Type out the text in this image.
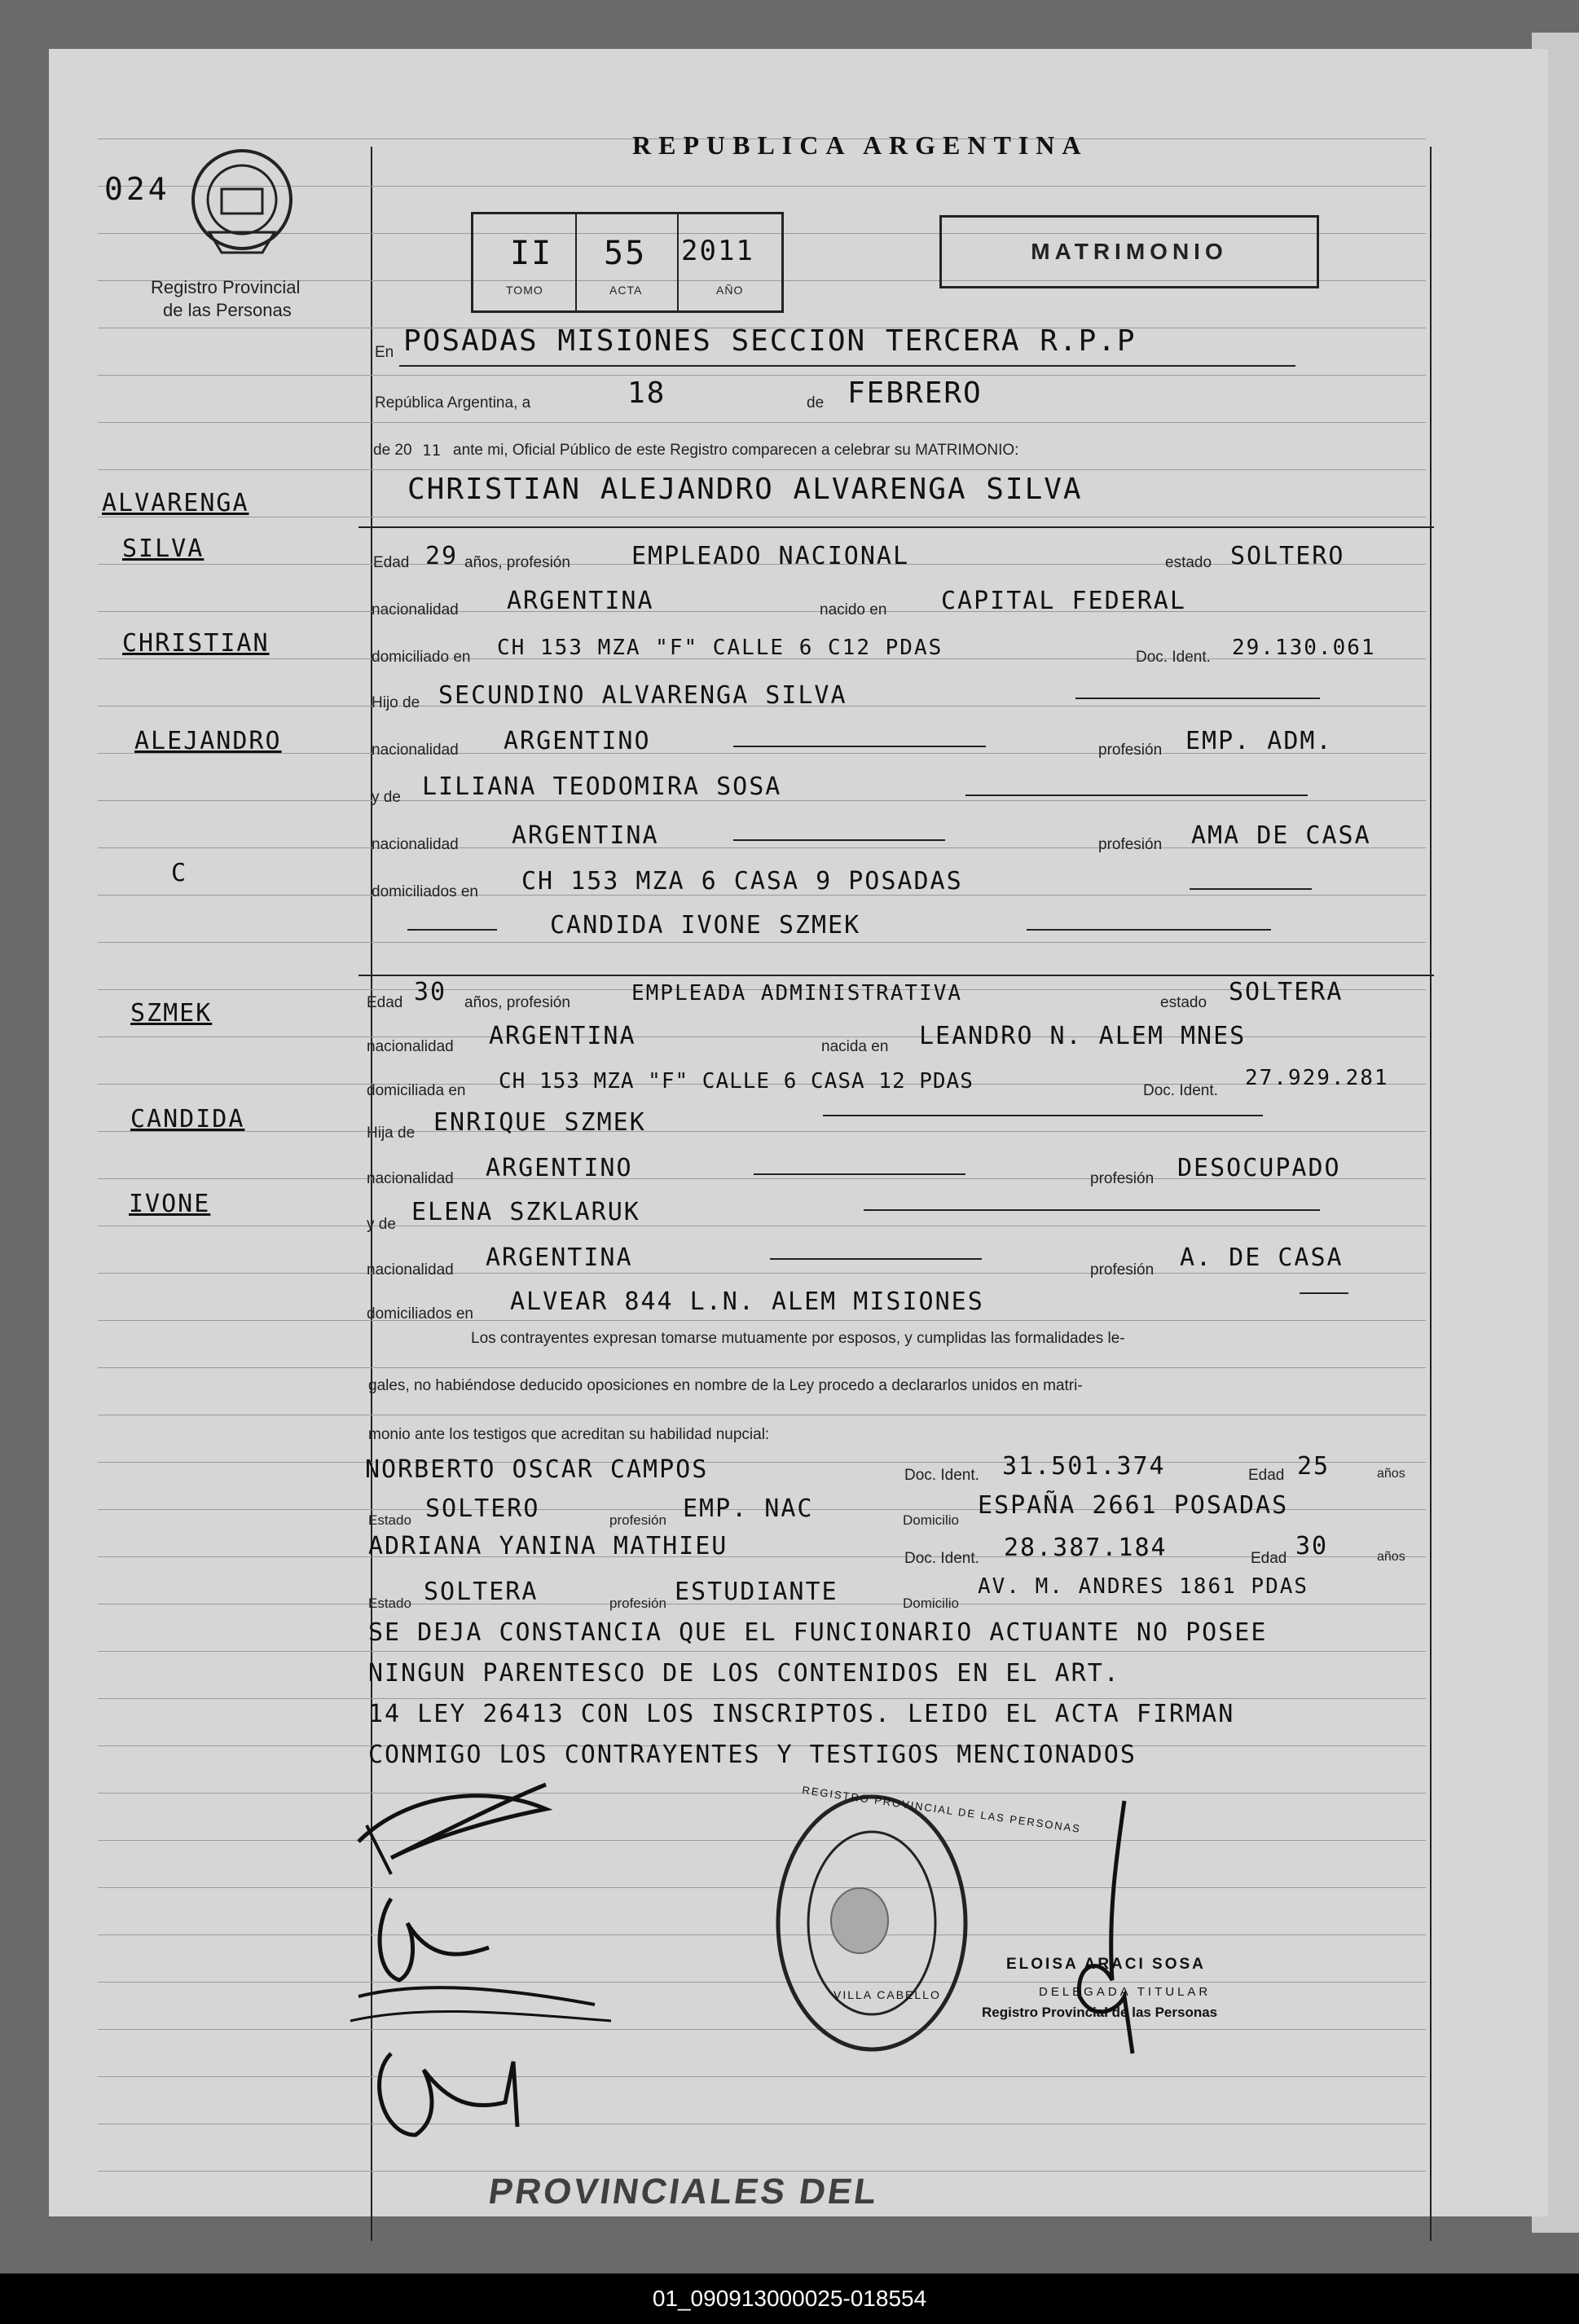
024
Registro Provincial
de las Personas
REPUBLICA ARGENTINA
II
TOMO
55
ACTA
2011
AÑO
MATRIMONIO
En POSADAS MISIONES SECCION TERCERA R.P.P
República Argentina, a	18	de FEBRERO
de 20 11 ante mi, Oficial Público de este Registro comparecen a celebrar su MATRIMONIO:
CHRISTIAN ALEJANDRO ALVARENGA SILVA
Edad 29 años, profesión	EMPLEADO NACIONAL	estado SOLTERO
nacionalidad ARGENTINA	nacido en CAPITAL FEDERAL
domiciliado en CH 153 MZA "F" CALLE 6 C12 PDAS	Doc. Ident. 29.130.061
Hijo de SECUNDINO ALVARENGA SILVA
nacionalidad ARGENTINO	profesión EMP. ADM.
y de LILIANA TEODOMIRA SOSA
nacionalidad ARGENTINA	profesión AMA DE CASA
domiciliados en CH 153 MZA 6 CASA 9 POSADAS
CANDIDA IVONE SZMEK
Edad 30 años, profesión	EMPLEADA ADMINISTRATIVA	estado SOLTERA
nacionalidad ARGENTINA	nacida en LEANDRO N. ALEM MNES
domiciliada en CH 153 MZA "F" CALLE 6 CASA 12 PDAS	Doc. Ident.
27.929.281
Hija de ENRIQUE SZMEK
nacionalidad ARGENTINO	profesión DESOCUPADO
y de ELENA SZKLARUK
nacionalidad ARGENTINA	profesión A. DE CASA
domiciliados en ALVEAR 844 L.N. ALEM MISIONES
Los contrayentes expresan tomarse mutuamente por esposos, y cumplidas las formalidades le-
gales, no habiéndose deducido oposiciones en nombre de la Ley procedo a declararlos unidos en matri-
monio ante los testigos que acreditan su habilidad nupcial:
NORBERTO OSCAR CAMPOS	Doc. Ident. 31.501.374	Edad 25	años
Estado SOLTERO	profesión EMP. NAC	Domicilio
ESPAÑA 2661 POSADAS
ADRIANA YANINA MATHIEU	Doc. Ident. 28.387.184	Edad 30	años
Estado SOLTERA	profesión ESTUDIANTE	Domicilio
AV. M. ANDRES 1861 PDAS
SE DEJA CONSTANCIA QUE EL FUNCIONARIO ACTUANTE NO POSEE
NINGUN PARENTESCO DE LOS CONTENIDOS EN EL ART.
14 LEY 26413 CON LOS INSCRIPTOS. LEIDO EL ACTA FIRMAN
CONMIGO LOS CONTRAYENTES Y TESTIGOS MENCIONADOS
ALVARENGA
SILVA
CHRISTIAN
ALEJANDRO
C
SZMEK
CANDIDA
IVONE
REGISTRO PROVINCIAL DE LAS PERSONAS
VILLA CABELLO
ELOISA ARACI SOSA
DELEGADA TITULAR
Registro Provincial de las Personas
PROVINCIALES DEL
01_090913000025-018554
